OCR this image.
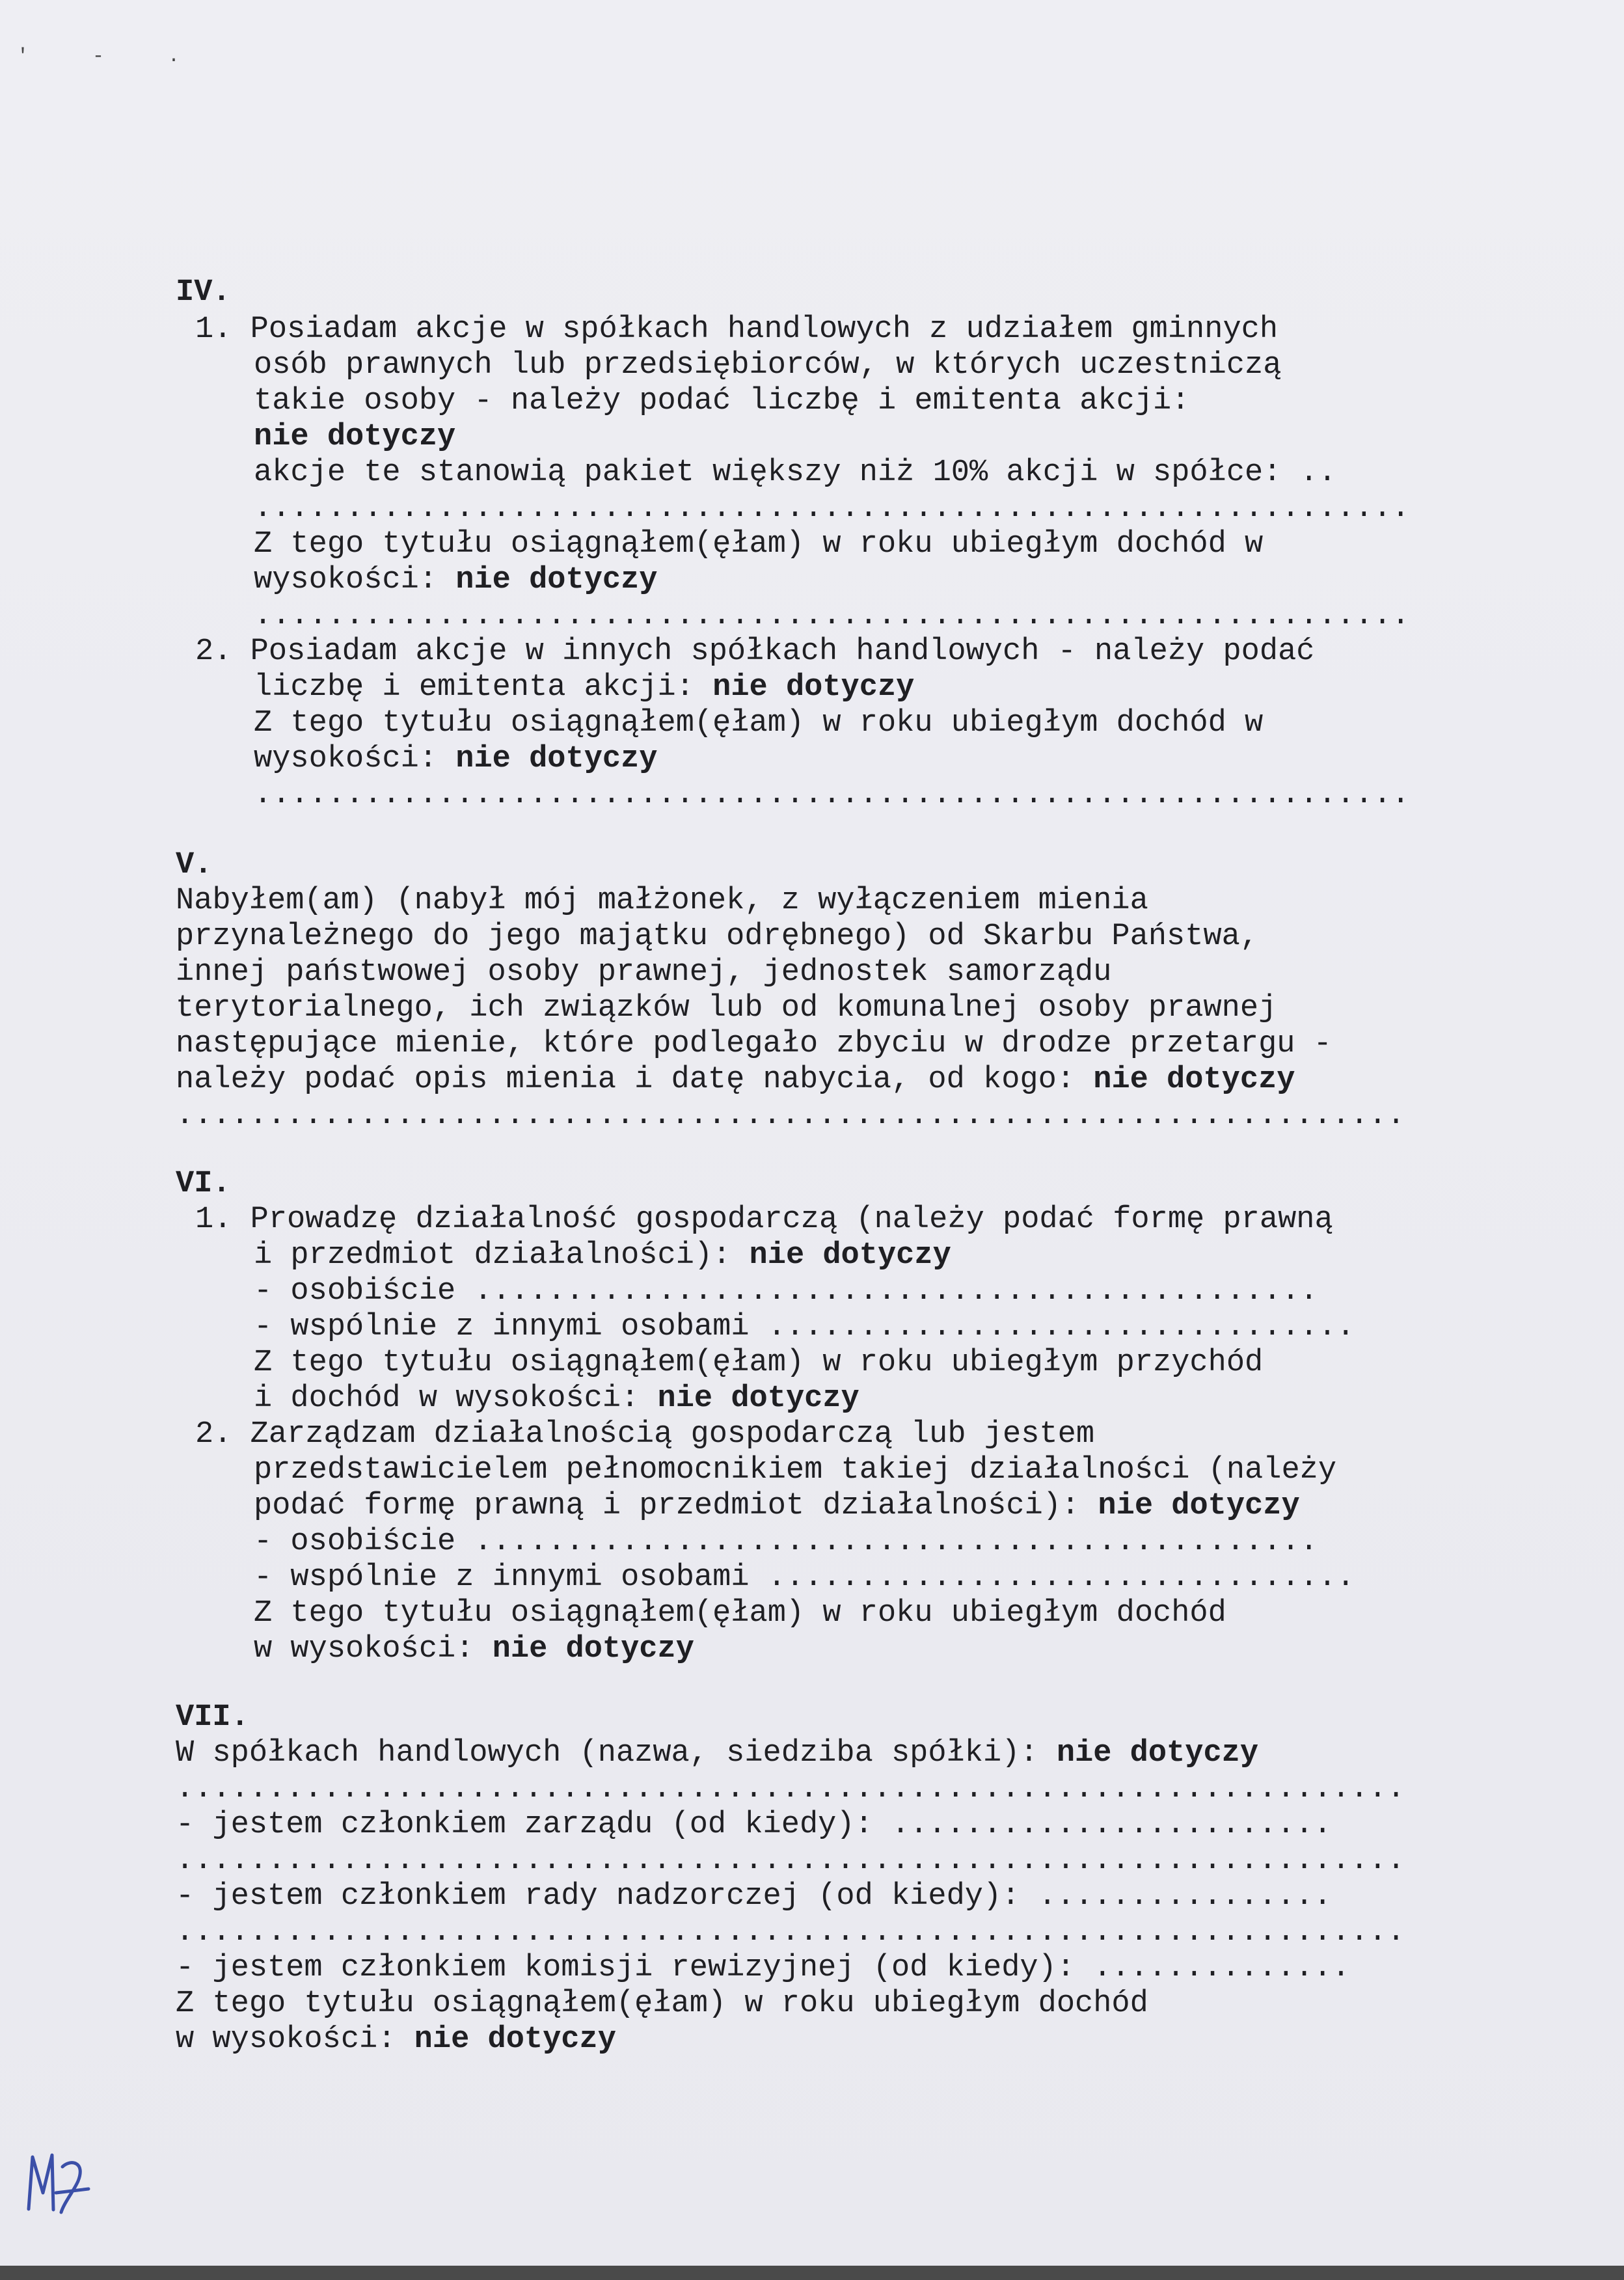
' - .

IV.

1. Posiadam akcje w spółkach handlowych z udziałem gminnych

osób prawnych lub przedsiębiorców, w których uczestniczą

takie osoby - należy podać liczbę i emitenta akcji:

nie dotyczy

akcje te stanowią pakiet większy niż 10% akcji w spółce: ..

...............................................................

Z tego tytułu osiągnąłem(ęłam) w roku ubiegłym dochód w

wysokości: nie dotyczy

...............................................................

2. Posiadam akcje w innych spółkach handlowych - należy podać

liczbę i emitenta akcji: nie dotyczy

Z tego tytułu osiągnąłem(ęłam) w roku ubiegłym dochód w

wysokości: nie dotyczy

...............................................................

V.

Nabyłem(am) (nabył mój małżonek, z wyłączeniem mienia

przynależnego do jego majątku odrębnego) od Skarbu Państwa,

innej państwowej osoby prawnej, jednostek samorządu

terytorialnego, ich związków lub od komunalnej osoby prawnej

następujące mienie, które podlegało zbyciu w drodze przetargu -

należy podać opis mienia i datę nabycia, od kogo: nie dotyczy

...................................................................

VI.

1. Prowadzę działalność gospodarczą (należy podać formę prawną

i przedmiot działalności): nie dotyczy

- osobiście ..............................................

- wspólnie z innymi osobami ................................

Z tego tytułu osiągnąłem(ęłam) w roku ubiegłym przychód

i dochód w wysokości: nie dotyczy

2. Zarządzam działalnością gospodarczą lub jestem

przedstawicielem pełnomocnikiem takiej działalności (należy

podać formę prawną i przedmiot działalności): nie dotyczy

- osobiście ..............................................

- wspólnie z innymi osobami ................................

Z tego tytułu osiągnąłem(ęłam) w roku ubiegłym dochód

w wysokości: nie dotyczy

VII.

W spółkach handlowych (nazwa, siedziba spółki): nie dotyczy

...................................................................

- jestem członkiem zarządu (od kiedy): ........................

...................................................................

- jestem członkiem rady nadzorczej (od kiedy): ................

...................................................................

- jestem członkiem komisji rewizyjnej (od kiedy): ..............

Z tego tytułu osiągnąłem(ęłam) w roku ubiegłym dochód

w wysokości: nie dotyczy
